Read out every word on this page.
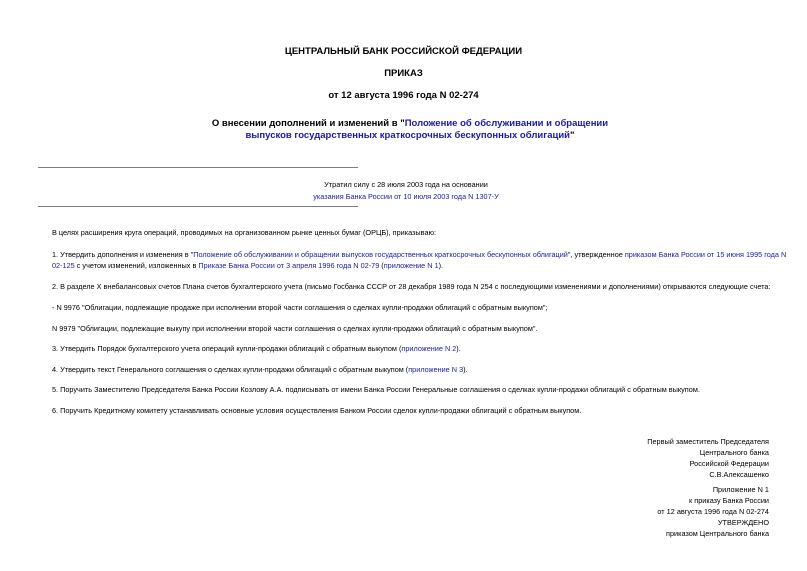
ЦЕНТРАЛЬНЫЙ БАНК РОССИЙСКОЙ ФЕДЕРАЦИИ
ПРИКАЗ
от 12 августа 1996 года N 02-274
О внесении дополнений и изменений в "Положение об обслуживании и обращении выпусков государственных краткосрочных бескупонных облигаций"
Утратил силу с 28 июля 2003 года на основании
указания Банка России от 10 июля 2003 года N 1307-У
В целях расширения круга операций, проводимых на организованном рынке ценных бумаг (ОРЦБ), приказываю:
1. Утвердить дополнения и изменения в "Положение об обслуживании и обращении выпусков государственных краткосрочных бескупонных облигаций", утвержденное приказом Банка России от 15 июня 1995 года N 02-125 с учетом изменений, изложенных в Приказе Банка России от 3 апреля 1996 года N 02-79 (приложение N 1).
2. В разделе X внебалансовых счетов Плана счетов бухгалтерского учета (письмо Госбанка СССР от 28 декабря 1989 года N 254 с последующими изменениями и дополнениями) открываются следующие счета:
- N 9976 "Облигации, подлежащие продаже при исполнении второй части соглашения о сделках купли-продажи облигаций с обратным выкупом";
N 9979 "Облигации, подлежащие выкупу при исполнении второй части соглашения о сделках купли-продажи облигаций с обратным выкупом".
3. Утвердить Порядок бухгалтерского учета операций купли-продажи облигаций с обратным выкупом (приложение N 2).
4. Утвердить текст Генерального соглашения о сделках купли-продажи облигаций с обратным выкупом (приложение N 3).
5. Поручить Заместителю Председателя Банка России Козлову А.А. подписывать от имени Банка России Генеральные соглашения о сделках купли-продажи облигаций с обратным выкупом.
6. Поручить Кредитному комитету устанавливать основные условия осуществления Банком России сделок купли-продажи облигаций с обратным выкупом.
Первый заместитель Председателя
Центрального банка
Российской Федерации
С.В.Алексашенко
Приложение N 1
к приказу Банка России
от 12 августа 1996 года N 02-274
УТВЕРЖДЕНО
приказом Центрального банка
